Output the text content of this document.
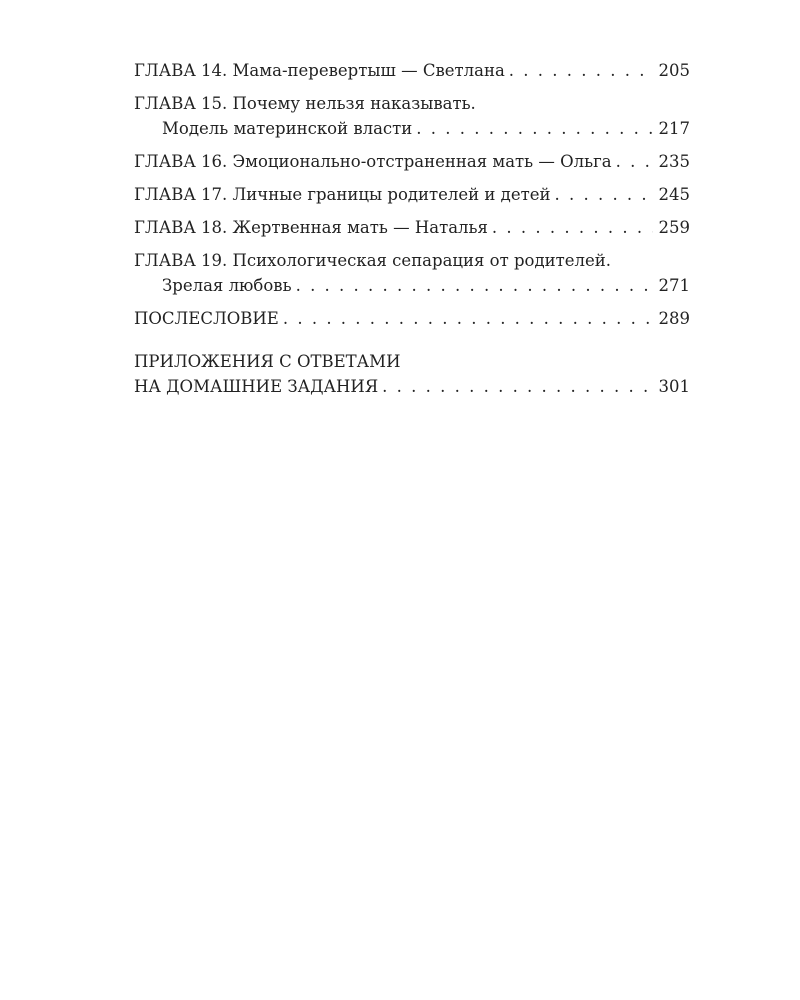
ГЛАВА 14. Мама-перевертыш — Светлана . . .	205
ГЛАВА 15. Почему нельзя наказывать.
Модель материнской власти . . .	217
ГЛАВА 16. Эмоционально-отстраненная мать — Ольга . . .	235
ГЛАВА 17. Личные границы родителей и детей . . .	245
ГЛАВА 18. Жертвенная мать — Наталья . . .	259
ГЛАВА 19. Психологическая сепарация от родителей.
Зрелая любовь . . .	271
ПОСЛЕСЛОВИЕ . . .	289
ПРИЛОЖЕНИЯ С ОТВЕТАМИ
НА ДОМАШНИЕ ЗАДАНИЯ . . .	301
